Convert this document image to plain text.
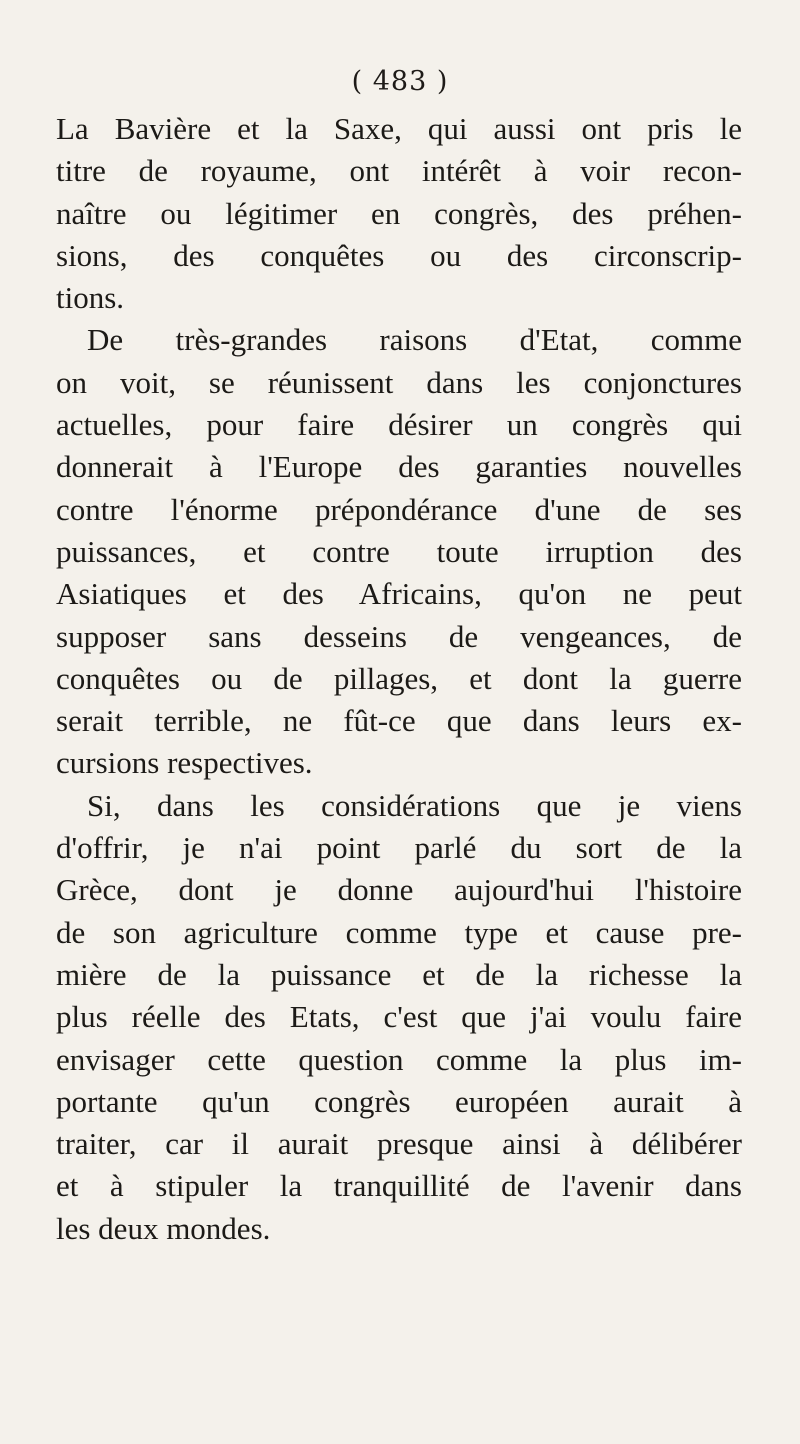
( 483 )
La Bavière et la Saxe, qui aussi ont pris le
titre de royaume, ont intérêt à voir recon-
naître ou légitimer en congrès, des préhen-
sions, des conquêtes ou des circonscrip-
tions.
De très-grandes raisons d'Etat, comme
on voit, se réunissent dans les conjonctures
actuelles, pour faire désirer un congrès qui
donnerait à l'Europe des garanties nouvelles
contre l'énorme prépondérance d'une de ses
puissances, et contre toute irruption des
Asiatiques et des Africains, qu'on ne peut
supposer sans desseins de vengeances, de
conquêtes ou de pillages, et dont la guerre
serait terrible, ne fût-ce que dans leurs ex-
cursions respectives.
Si, dans les considérations que je viens
d'offrir, je n'ai point parlé du sort de la
Grèce, dont je donne aujourd'hui l'histoire
de son agriculture comme type et cause pre-
mière de la puissance et de la richesse la
plus réelle des Etats, c'est que j'ai voulu faire
envisager cette question comme la plus im-
portante qu'un congrès européen aurait à
traiter, car il aurait presque ainsi à délibérer
et à stipuler la tranquillité de l'avenir dans
les deux mondes.
